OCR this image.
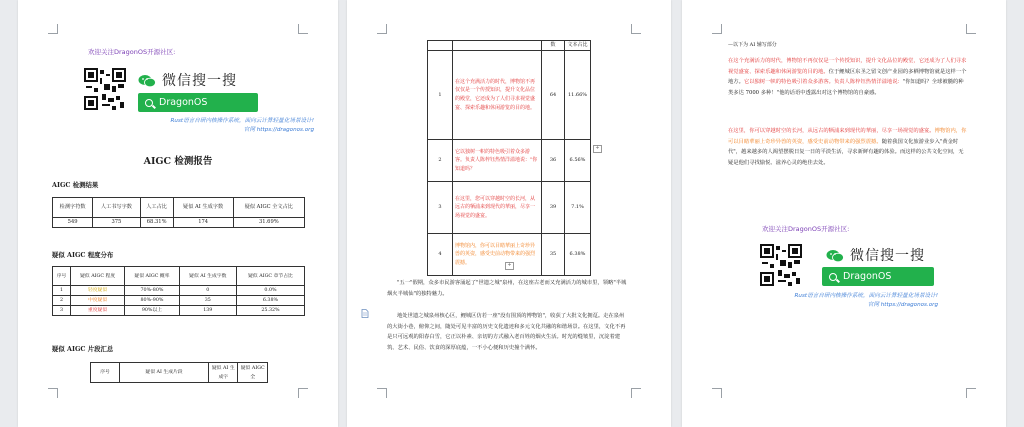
欢迎关注DragonOS开源社区:
微信搜一搜
DragonOS
Rust语言自研内核操作系统，面向云计算轻量化场景设计!
官网 https://dragonos.org
AIGC 检测报告
AIGC 检测结果
检测字符数	人工书写字数	人工占比	疑似 AI 生成字数	疑似 AIGC 全文占比
549	375	68.31%	174	31.69%
疑似 AIGC 程度分布
序号	疑似 AIGC 程度	疑似 AIGC 概率	疑似 AI 生成字数	疑似 AIGC 章节占比
1	轻度疑似	70%-80%	0	0.0%
2	中度疑似	80%-90%	35	6.38%
3	重度疑似	90%以上	139	25.32%
疑似 AIGC 片段汇总
序号	疑似 AI 生成片段	疑似 AI 生成字	疑似 AIGC 全
		数	文本占比
1	在这个充满活力的时代，博物馆不再仅仅是一个传授知识，提升文化品位的殿堂，它还成为了人们寻求视觉盛宴、探索乐趣和休闲游览的目的地。	64	11.66%
2	它以独树一帜的特色吸引着众多游客。负责人陈梓钰热情洋溢地说："你知道吗？	36	6.56%
3	在这里，您可以穿越时空的长河，从远古的牺浦来到现代的華丽，尽享一场视觉的盛宴。	39	7.1%
4	博物馆内，你可以目睹華丽上奇珍异兽的英姿，感受史前动物带来的强烈震撼。	35	6.38%
+
+
"五一"假期，众多市民游客涌起了"世遗之城"泉州，在这座古老而又充满活力的城市里，领略"半城烟火半城仙"的独特魅力。
地处世遗之城泉州核心区，鲤城区仿若一座"没有围顶的博物馆"，收获了大批文化拥趸。走在泉州的大街小巷，俯仰之间，随处可见丰富的历史文化遗迹和多元文化共融的和谐场景。在这里，文化不再是只可远观的阳春白雪，它正以朴素、亲切的方式融入老百姓的烟火生活。时光的缝皱里，沉淀着建筑、艺术、民俗、饮食的深厚底蕴，一不小心便和历史撞个满怀。
—以下为 AI 辅写部分
在这个充满活力的时代，博物馆不再仅仅是一个传授知识，提升文化品位的殿堂，它还成为了人们寻求视觉盛宴、探索乐趣和休闲游览的目的地。位于鲤城区东圣之留文创产业园的多栖博物馆就是这样一个地方。它以独树一帜的特色吸引着众多游客。负责人陈梓钰热情洋溢地说："你知道吗？全球被髓的种类多达 7000 多种！"他的话语中透露出对这个博物馆的自豪感。
在这里，你可以穿越时空的长河，从远古的牺浦来到现代的華丽，尽享一场视觉的盛宴。博物馆内，你可以目睹華丽上奇珍异兽的英姿，感受史前动物带来的强烈震撼。随着我国文化旅游业步入"黄金时代"，越来越多的人渴望摆脱日复一日的平淡生活，寻求新鲜有趣的体验。而这样的公共文化空间，无疑是他们寻找愉悦、滋养心灵的绝佳去处。
欢迎关注DragonOS开源社区:
微信搜一搜
DragonOS
Rust语言自研内核操作系统，面向云计算轻量化场景设计!
官网 https://dragonos.org
